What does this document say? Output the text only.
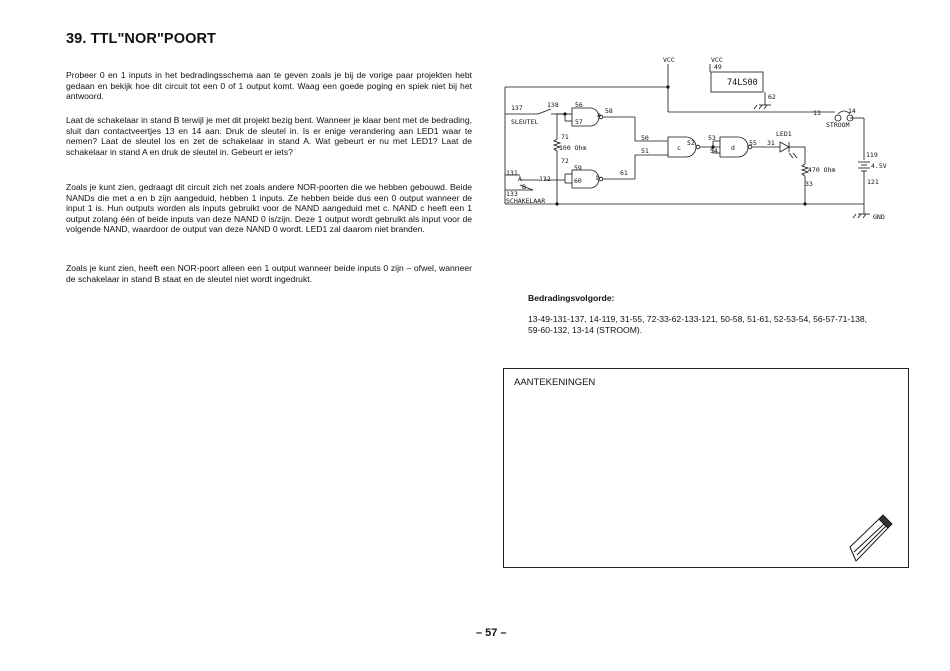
39. TTL"NOR"POORT

Probeer 0 en 1 inputs in het bedradingsschema aan te geven zoals je bij de vorige paar projekten hebt gedaan en bekijk hoe dit circuit tot een 0 of 1 output komt. Waag een goede poging en spiek niet bij het antwoord.

Laat de schakelaar in stand B terwijl je met dit projekt bezig bent. Wanneer je klaar bent met de bedrading, sluit dan contactveertjes 13 en 14 aan. Druk de sleutel in. Is er enige verandering aan LED1 waar te nemen? Laat de sleutel los en zet de schakelaar in stand A. Wat gebeurt er nu met LED1? Laat de schakelaar in stand A en druk de sleutel in. Gebeurt er iets?

Zoals je kunt zien, gedraagt dit circuit zich net zoals andere NOR-poorten die we hebben gebouwd. Beide NANDs die met a en b zijn aangeduid, hebben 1 inputs. Ze hebben beide dus een 0 output wanneer de input 1 is. Hun outputs worden als inputs gebruikt voor de NAND aangeduid met c. NAND c heeft een 1 output zolang één of beide inputs van deze NAND 0 is/zijn. Deze 1 output wordt gebruikt als input voor de volgende NAND, waardoor de output van deze NAND 0 wordt. LED1 zal daarom niet branden.

Zoals je kunt zien, heeft een NOR-poort alleen een 1 output wanneer beide inputs 0 zijn – ofwel, wanneer de schakelaar in stand B staat en de sleutel niet wordt ingedrukt.

VCC	VCC
49
74LS00
62
137	138
SLEUTEL
56
57
a 58
71
100 Ohm
72
59
60 b
61
131
A
B
132
133
SCHAKELAAR
50
51	c
52
53
54 d
55 31
LED1
470 Ohm
33
13	14
STROOM
119
4.5V
121
GND
Bedradingsvolgorde:

13-49-131-137, 14-119, 31-55, 72-33-62-133-121, 50-58, 51-61, 52-53-54, 56-57-71-138, 59-60-132, 13-14 (STROOM).

AANTEKENINGEN
– 57 –
